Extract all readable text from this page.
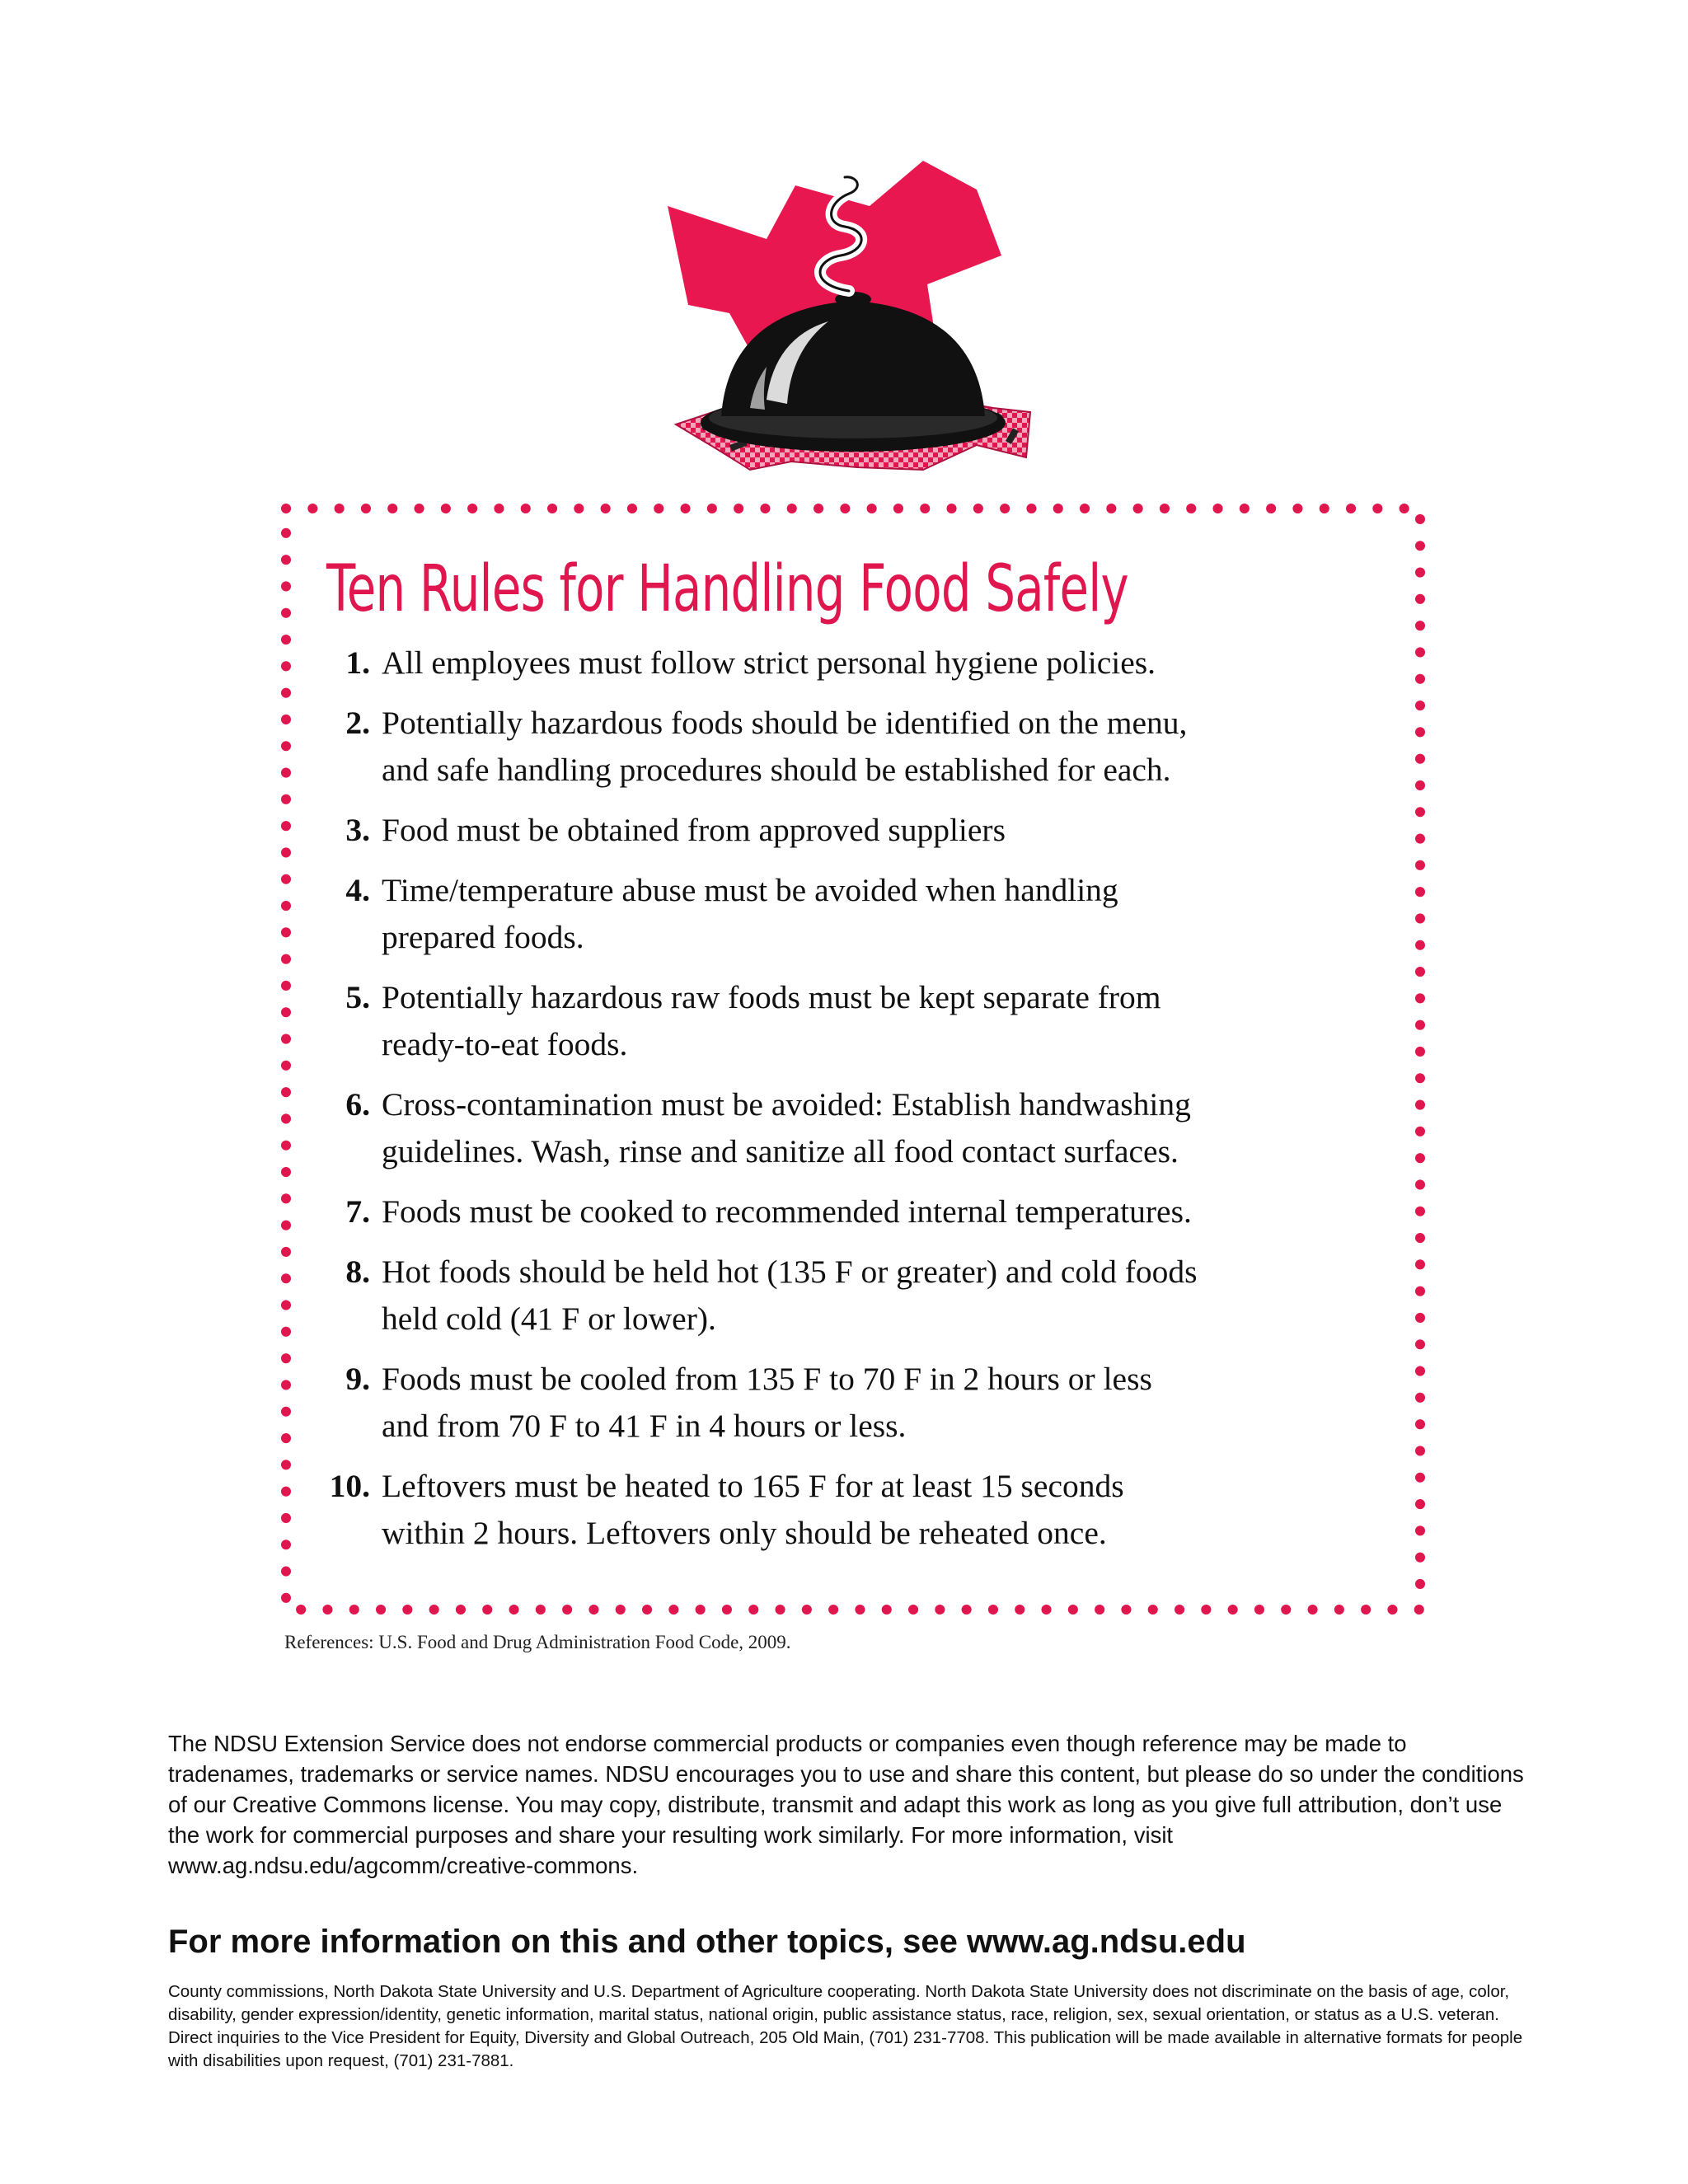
Ten Rules for Handling Food Safely
1. All employees must follow strict personal hygiene policies.
2. Potentially hazardous foods should be identified on the menu,
and safe handling procedures should be established for each.
3. Food must be obtained from approved suppliers
4. Time/temperature abuse must be avoided when handling
prepared foods.
5. Potentially hazardous raw foods must be kept separate from
ready-to-eat foods.
6. Cross-contamination must be avoided: Establish handwashing
guidelines. Wash, rinse and sanitize all food contact surfaces.
7. Foods must be cooked to recommended internal temperatures.
8. Hot foods should be held hot (135 F or greater) and cold foods
held cold (41 F or lower).
9. Foods must be cooled from 135 F to 70 F in 2 hours or less
and from 70 F to 41 F in 4 hours or less.
10. Leftovers must be heated to 165 F for at least 15 seconds
within 2 hours. Leftovers only should be reheated once.

References: U.S. Food and Drug Administration Food Code, 2009.

The NDSU Extension Service does not endorse commercial products or companies even though reference may be made to tradenames, trademarks or service names. NDSU encourages you to use and share this content, but please do so under the conditions of our Creative Commons license. You may copy, distribute, transmit and adapt this work as long as you give full attribution, don’t use the work for commercial purposes and share your resulting work similarly. For more information, visit www.ag.ndsu.edu/agcomm/creative-commons.

For more information on this and other topics, see www.ag.ndsu.edu

County commissions, North Dakota State University and U.S. Department of Agriculture cooperating. North Dakota State University does not discriminate on the basis of age, color, disability, gender expression/identity, genetic information, marital status, national origin, public assistance status, race, religion, sex, sexual orientation, or status as a U.S. veteran. Direct inquiries to the Vice President for Equity, Diversity and Global Outreach, 205 Old Main, (701) 231-7708. This publication will be made available in alternative formats for people with disabilities upon request, (701) 231-7881.
